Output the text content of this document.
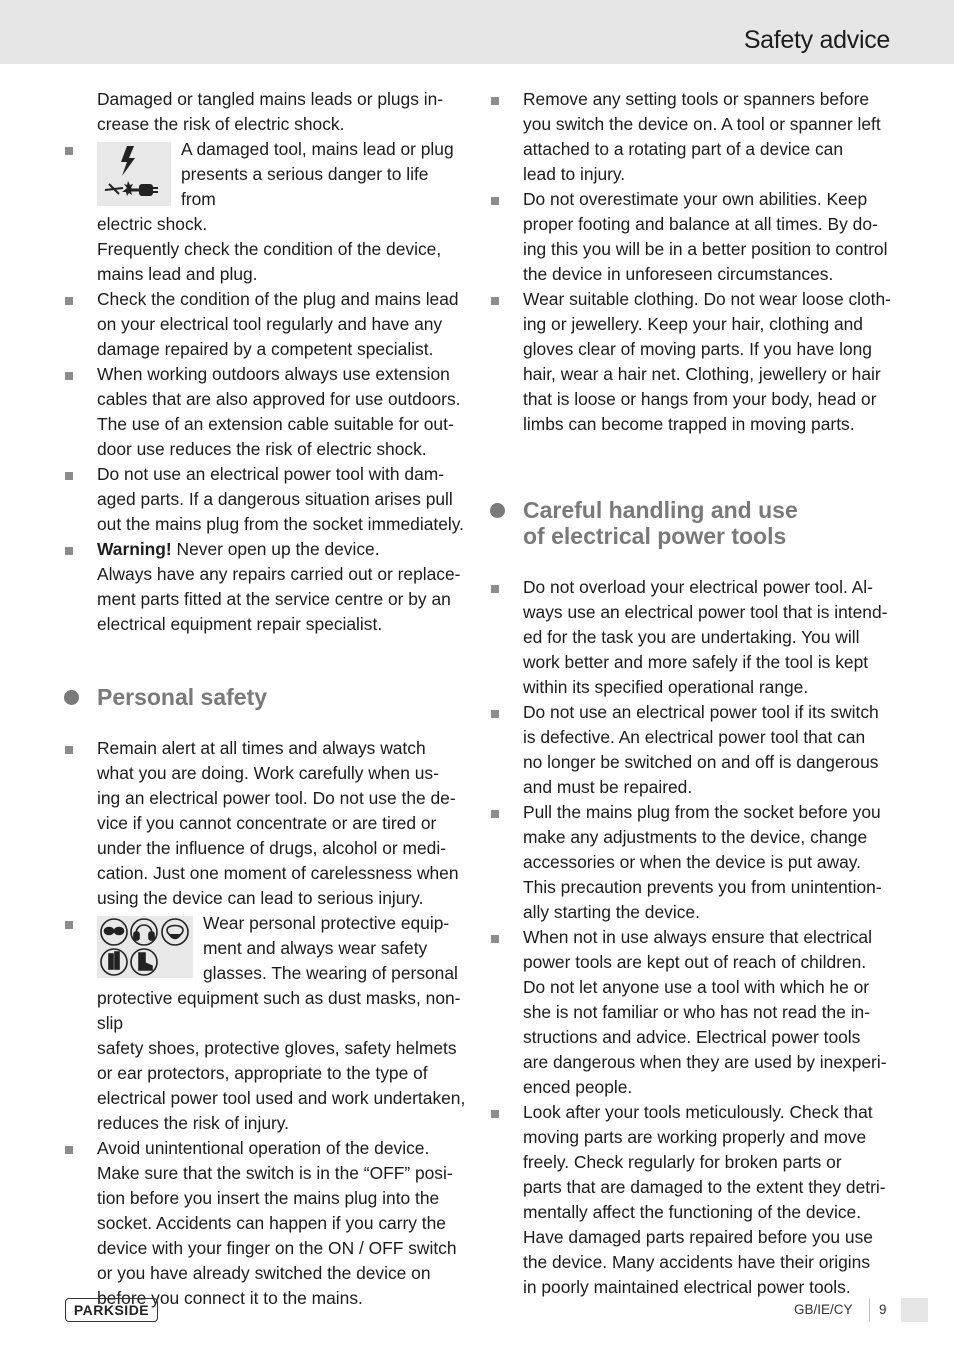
Safety advice

Damaged or tangled mains leads or plugs in-

crease the risk of electric shock.

A damaged tool, mains lead or plug

presents a serious danger to life from

electric shock.

Frequently check the condition of the device,

mains lead and plug.

Check the condition of the plug and mains lead

on your electrical tool regularly and have any

damage repaired by a competent specialist.

When working outdoors always use extension

cables that are also approved for use outdoors.

The use of an extension cable suitable for out-

door use reduces the risk of electric shock.

Do not use an electrical power tool with dam-

aged parts. If a dangerous situation arises pull

out the mains plug from the socket immediately.

Warning! Never open up the device.

Always have any repairs carried out or replace-

ment parts fitted at the service centre or by an

electrical equipment repair specialist.

Personal safety

Remain alert at all times and always watch

what you are doing. Work carefully when us-

ing an electrical power tool. Do not use the de-

vice if you cannot concentrate or are tired or

under the influence of drugs, alcohol or medi-

cation. Just one moment of carelessness when

using the device can lead to serious injury.

Wear personal protective equip-

ment and always wear safety

glasses. The wearing of personal

protective equipment such as dust masks, non-slip

safety shoes, protective gloves, safety helmets

or ear protectors, appropriate to the type of

electrical power tool used and work undertaken,

reduces the risk of injury.

Avoid unintentional operation of the device.

Make sure that the switch is in the “OFF” posi-

tion before you insert the mains plug into the

socket. Accidents can happen if you carry the

device with your finger on the ON / OFF switch

or you have already switched the device on

before you connect it to the mains.

Remove any setting tools or spanners before

you switch the device on. A tool or spanner left

attached to a rotating part of a device can

lead to injury.

Do not overestimate your own abilities. Keep

proper footing and balance at all times. By do-

ing this you will be in a better position to control

the device in unforeseen circumstances.

Wear suitable clothing. Do not wear loose cloth-

ing or jewellery. Keep your hair, clothing and

gloves clear of moving parts. If you have long

hair, wear a hair net. Clothing, jewellery or hair

that is loose or hangs from your body, head or

limbs can become trapped in moving parts.

Careful handling and use

of electrical power tools

Do not overload your electrical power tool. Al-

ways use an electrical power tool that is intend-

ed for the task you are undertaking. You will

work better and more safely if the tool is kept

within its specified operational range.

Do not use an electrical power tool if its switch

is defective. An electrical power tool that can

no longer be switched on and off is dangerous

and must be repaired.

Pull the mains plug from the socket before you

make any adjustments to the device, change

accessories or when the device is put away.

This precaution prevents you from unintention-

ally starting the device.

When not in use always ensure that electrical

power tools are kept out of reach of children.

Do not let anyone use a tool with which he or

she is not familiar or who has not read the in-

structions and advice. Electrical power tools

are dangerous when they are used by inexperi-

enced people.

Look after your tools meticulously. Check that

moving parts are working properly and move

freely. Check regularly for broken parts or

parts that are damaged to the extent they detri-

mentally affect the functioning of the device.

Have damaged parts repaired before you use

the device. Many accidents have their origins

in poorly maintained electrical power tools.

PARKSIDE	GB/IE/CY 9
